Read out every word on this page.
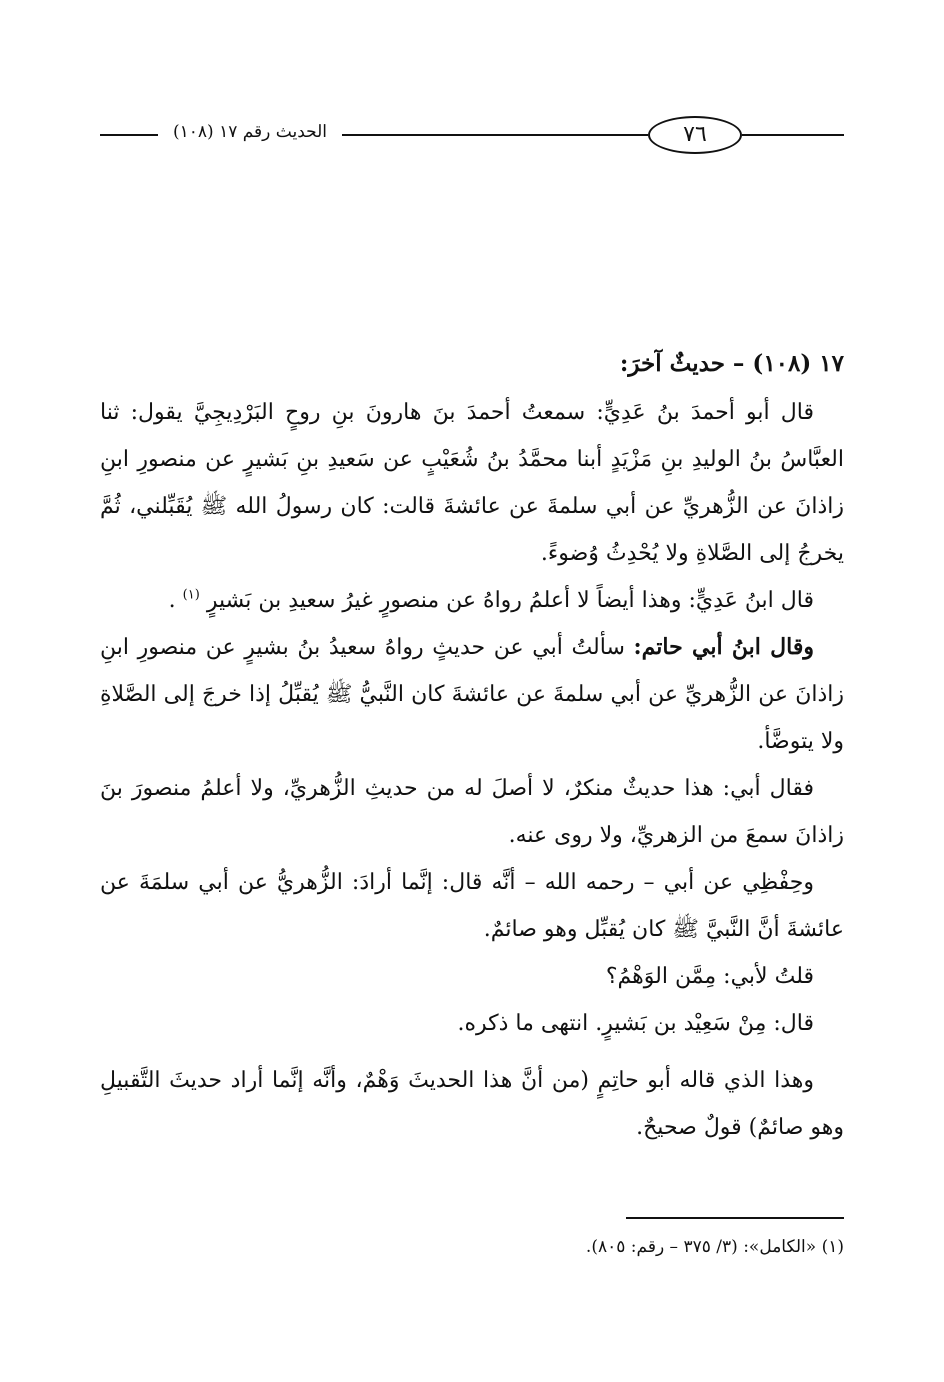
الحديث رقم ١٧ (١٠٨)	٧٦

١٧ (١٠٨) – حديثٌ آخرَ:

قال أبو أحمدَ بنُ عَدِيٍّ: سمعتُ أحمدَ بنَ هارونَ بنِ روحٍ البَرْدِيجِيَّ يقول: ثنا العبَّاسُ بنُ الوليدِ بنِ مَزْيَدٍ أبنا محمَّدُ بنُ شُعَيْبٍ عن سَعيدِ بنِ بَشيرٍ عن منصورِ ابنِ زاذانَ عن الزُّهريِّ عن أبي سلمةَ عن عائشةَ قالت: كان رسولُ الله ﷺ يُقَبِّلني، ثُمَّ يخرجُ إلى الصَّلاةِ ولا يُحْدِثُ وُضوءً.

قال ابنُ عَدِيٍّ: وهذا أيضاً لا أعلمُ رواهُ عن منصورٍ غيرُ سعيدِ بن بَشيرٍ $^{(١)}$ .

وقال ابنُ أبي حاتم: سألتُ أبي عن حديثٍ رواهُ سعيدُ بنُ بشيرٍ عن منصورِ ابنِ زاذانَ عن الزُّهريِّ عن أبي سلمةَ عن عائشةَ كان النَّبيُّ ﷺ يُقبِّلُ إذا خرجَ إلى الصَّلاةِ ولا يتوضَّأ.

فقال أبي: هذا حديثٌ منكرٌ، لا أصلَ له من حديثِ الزُّهريِّ، ولا أعلمُ منصورَ بنَ زاذانَ سمعَ من الزهريِّ، ولا روى عنه.

وحِفْظِي عن أبي – رحمه الله – أنَّه قال: إنَّما أرادَ: الزُّهريُّ عن أبي سلمَةَ عن عائشةَ أنَّ النَّبيَّ ﷺ كان يُقبِّل وهو صائمٌ.

قلتُ لأبي: مِمَّن الوَهْمُ؟

قال: مِنْ سَعِيْد بن بَشيرٍ. انتهى ما ذكره.

وهذا الذي قاله أبو حاتِمٍ (من أنَّ هذا الحديثَ وَهْمٌ، وأنَّه إنَّما أراد حديثَ التَّقبيلِ وهو صائمٌ) قولٌ صحيحٌ.

(١) «الكامل»: (٣/ ٣٧٥ – رقم: ٨٠٥).
